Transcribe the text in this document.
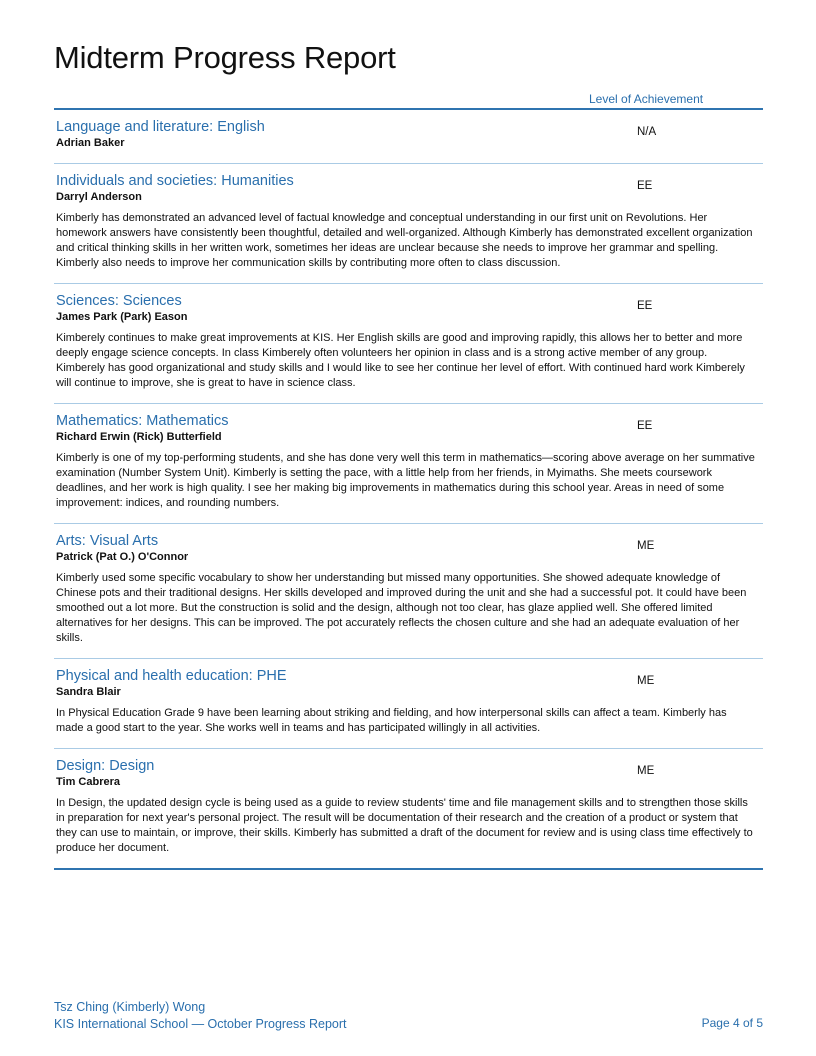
Midterm Progress Report
Level of Achievement
Language and literature: English
Adrian Baker
N/A
Individuals and societies: Humanities
Darryl Anderson
EE

Kimberly has demonstrated an advanced level of factual knowledge and conceptual understanding in our first unit on Revolutions. Her homework answers have consistently been thoughtful, detailed and well-organized. Although Kimberly has demonstrated excellent organization and critical thinking skills in her written work, sometimes her ideas are unclear because she needs to improve her grammar and spelling. Kimberly also needs to improve her communication skills by contributing more often to class discussion.

Sciences: Sciences
James Park (Park) Eason
EE

Kimberely continues to make great improvements at KIS. Her English skills are good and improving rapidly, this allows her to better and more deeply engage science concepts. In class Kimberely often volunteers her opinion in class and is a strong active member of any group. Kimberely has good organizational and study skills and I would like to see her continue her level of effort. With continued hard work Kimberely will continue to improve, she is great to have in science class.

Mathematics: Mathematics
Richard Erwin (Rick) Butterfield
EE

Kimberly is one of my top-performing students, and she has done very well this term in mathematics—scoring above average on her summative examination (Number System Unit). Kimberly is setting the pace, with a little help from her friends, in Myimaths. She meets coursework deadlines, and her work is high quality. I see her making big improvements in mathematics during this school year. Areas in need of some improvement: indices, and rounding numbers.

Arts: Visual Arts
Patrick (Pat O.) O'Connor
ME

Kimberly used some specific vocabulary to show her understanding but missed many opportunities. She showed adequate knowledge of Chinese pots and their traditional designs. Her skills developed and improved during the unit and she had a successful pot. It could have been smoothed out a lot more. But the construction is solid and the design, although not too clear, has glaze applied well. She offered limited alternatives for her designs. This can be improved. The pot accurately reflects the chosen culture and she had an adequate evaluation of her skills.

Physical and health education: PHE
Sandra Blair
ME

In Physical Education Grade 9 have been learning about striking and fielding, and how interpersonal skills can affect a team. Kimberly has made a good start to the year. She works well in teams and has participated willingly in all activities.

Design: Design
Tim Cabrera
ME

In Design, the updated design cycle is being used as a guide to review students' time and file management skills and to strengthen those skills in preparation for next year's personal project. The result will be documentation of their research and the creation of a product or system that they can use to maintain, or improve, their skills. Kimberly has submitted a draft of the document for review and is using class time effectively to produce her document.

Tsz Ching (Kimberly) Wong
KIS International School — October Progress Report	Page 4 of 5
